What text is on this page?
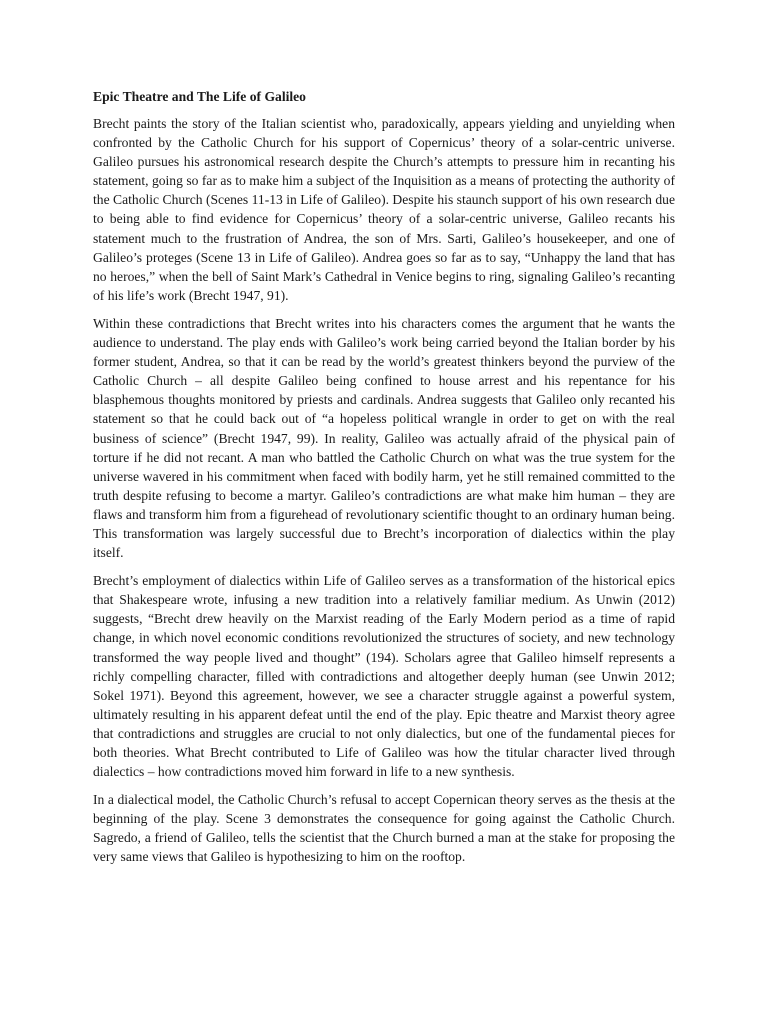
Epic Theatre and The Life of Galileo

Brecht paints the story of the Italian scientist who, paradoxically, appears yielding and unyielding when confronted by the Catholic Church for his support of Copernicus’ theory of a solar-centric universe. Galileo pursues his astronomical research despite the Church’s attempts to pressure him in recanting his statement, going so far as to make him a subject of the Inquisition as a means of protecting the authority of the Catholic Church (Scenes 11-13 in Life of Galileo). Despite his staunch support of his own research due to being able to find evidence for Copernicus’ theory of a solar-centric universe, Galileo recants his statement much to the frustration of Andrea, the son of Mrs. Sarti, Galileo’s housekeeper, and one of Galileo’s proteges (Scene 13 in Life of Galileo). Andrea goes so far as to say, “Unhappy the land that has no heroes,” when the bell of Saint Mark’s Cathedral in Venice begins to ring, signaling Galileo’s recanting of his life’s work (Brecht 1947, 91).

Within these contradictions that Brecht writes into his characters comes the argument that he wants the audience to understand. The play ends with Galileo’s work being carried beyond the Italian border by his former student, Andrea, so that it can be read by the world’s greatest thinkers beyond the purview of the Catholic Church – all despite Galileo being confined to house arrest and his repentance for his blasphemous thoughts monitored by priests and cardinals. Andrea suggests that Galileo only recanted his statement so that he could back out of “a hopeless political wrangle in order to get on with the real business of science” (Brecht 1947, 99). In reality, Galileo was actually afraid of the physical pain of torture if he did not recant. A man who battled the Catholic Church on what was the true system for the universe wavered in his commitment when faced with bodily harm, yet he still remained committed to the truth despite refusing to become a martyr. Galileo’s contradictions are what make him human – they are flaws and transform him from a figurehead of revolutionary scientific thought to an ordinary human being. This transformation was largely successful due to Brecht’s incorporation of dialectics within the play itself.

Brecht’s employment of dialectics within Life of Galileo serves as a transformation of the historical epics that Shakespeare wrote, infusing a new tradition into a relatively familiar medium. As Unwin (2012) suggests, “Brecht drew heavily on the Marxist reading of the Early Modern period as a time of rapid change, in which novel economic conditions revolutionized the structures of society, and new technology transformed the way people lived and thought” (194). Scholars agree that Galileo himself represents a richly compelling character, filled with contradictions and altogether deeply human (see Unwin 2012; Sokel 1971). Beyond this agreement, however, we see a character struggle against a powerful system, ultimately resulting in his apparent defeat until the end of the play. Epic theatre and Marxist theory agree that contradictions and struggles are crucial to not only dialectics, but one of the fundamental pieces for both theories. What Brecht contributed to Life of Galileo was how the titular character lived through dialectics – how contradictions moved him forward in life to a new synthesis.

In a dialectical model, the Catholic Church’s refusal to accept Copernican theory serves as the thesis at the beginning of the play. Scene 3 demonstrates the consequence for going against the Catholic Church. Sagredo, a friend of Galileo, tells the scientist that the Church burned a man at the stake for proposing the very same views that Galileo is hypothesizing to him on the rooftop.
